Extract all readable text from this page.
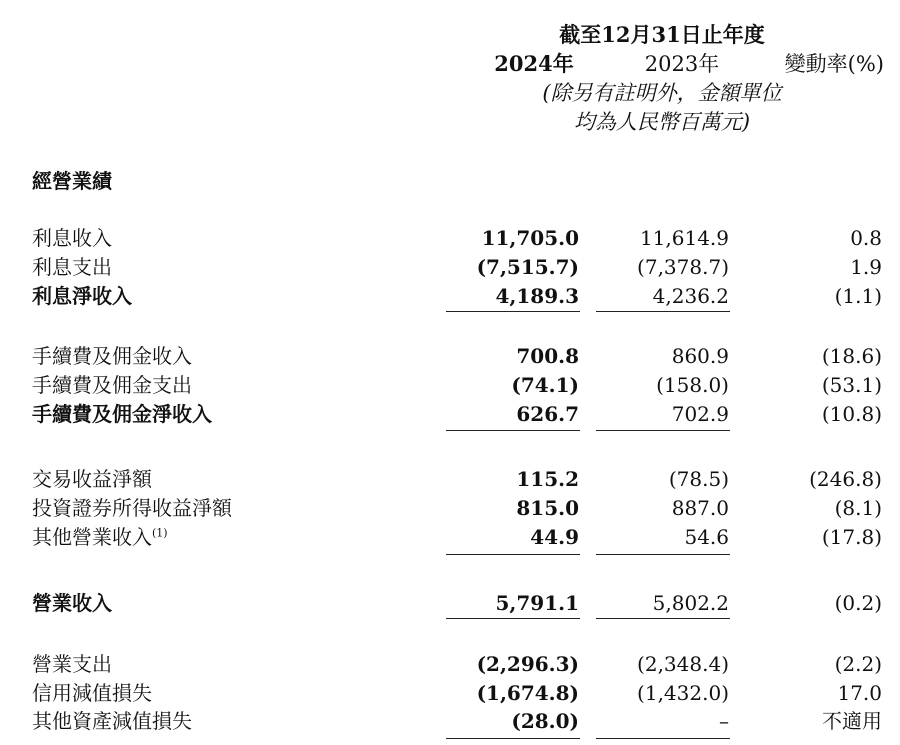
截至12月31日止年度
2024年	2023年	變動率(%)
(除另有註明外，金額單位
均為人民幣百萬元)
經營業績
利息收入	11,705.0	11,614.9	0.8
利息支出	(7,515.7)	(7,378.7)	1.9
利息淨收入	4,189.3	4,236.2	(1.1)
手續費及佣金收入	700.8	860.9	(18.6)
手續費及佣金支出	(74.1)	(158.0)	(53.1)
手續費及佣金淨收入	626.7	702.9	(10.8)
交易收益淨額	115.2	(78.5)	(246.8)
投資證券所得收益淨額	815.0	887.0	(8.1)
其他營業收入$^{(1)}$	44.9	54.6	(17.8)
營業收入	5,791.1	5,802.2	(0.2)
營業支出	(2,296.3)	(2,348.4)	(2.2)
信用減值損失	(1,674.8)	(1,432.0)	17.0
其他資產減值損失	(28.0)	–	不適用
